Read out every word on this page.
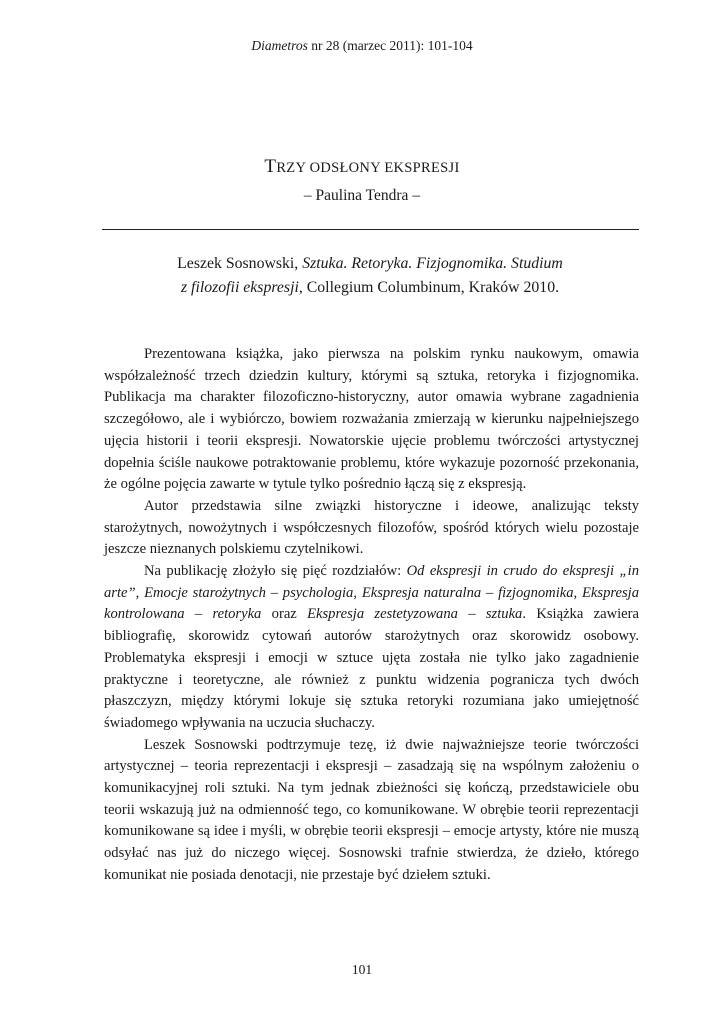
Diametros nr 28 (marzec 2011): 101-104
TRZY ODSŁONY EKSPRESJI
– Paulina Tendra –
Leszek Sosnowski, Sztuka. Retoryka. Fizjognomika. Studium
z filozofii ekspresji, Collegium Columbinum, Kraków 2010.

Prezentowana książka, jako pierwsza na polskim rynku naukowym, omawia współzależność trzech dziedzin kultury, którymi są sztuka, retoryka i fizjognomika. Publikacja ma charakter filozoficzno-historyczny, autor omawia wybrane zagadnienia szczegółowo, ale i wybiórczo, bowiem rozważania zmierzają w kierunku najpełniejszego ujęcia historii i teorii ekspresji. Nowatorskie ujęcie problemu twórczości artystycznej dopełnia ściśle naukowe potraktowanie problemu, które wykazuje pozorność przekonania, że ogólne pojęcia zawarte w tytule tylko pośrednio łączą się z ekspresją.

Autor przedstawia silne związki historyczne i ideowe, analizując teksty starożytnych, nowożytnych i współczesnych filozofów, spośród których wielu pozostaje jeszcze nieznanych polskiemu czytelnikowi.

Na publikację złożyło się pięć rozdziałów: Od ekspresji in crudo do ekspresji „in arte”, Emocje starożytnych – psychologia, Ekspresja naturalna – fizjognomika, Ekspresja kontrolowana – retoryka oraz Ekspresja zestetyzowana – sztuka. Książka zawiera bibliografię, skorowidz cytowań autorów starożytnych oraz skorowidz osobowy. Problematyka ekspresji i emocji w sztuce ujęta została nie tylko jako zagadnienie praktyczne i teoretyczne, ale również z punktu widzenia pogranicza tych dwóch płaszczyzn, między którymi lokuje się sztuka retoryki rozumiana jako umiejętność świadomego wpływania na uczucia słuchaczy.

Leszek Sosnowski podtrzymuje tezę, iż dwie najważniejsze teorie twórczości artystycznej – teoria reprezentacji i ekspresji – zasadzają się na wspólnym założeniu o komunikacyjnej roli sztuki. Na tym jednak zbieżności się kończą, przedstawiciele obu teorii wskazują już na odmienność tego, co komunikowane. W obrębie teorii reprezentacji komunikowane są idee i myśli, w obrębie teorii ekspresji – emocje artysty, które nie muszą odsyłać nas już do niczego więcej. Sosnowski trafnie stwierdza, że dzieło, którego komunikat nie posiada denotacji, nie przestaje być dziełem sztuki.

101
